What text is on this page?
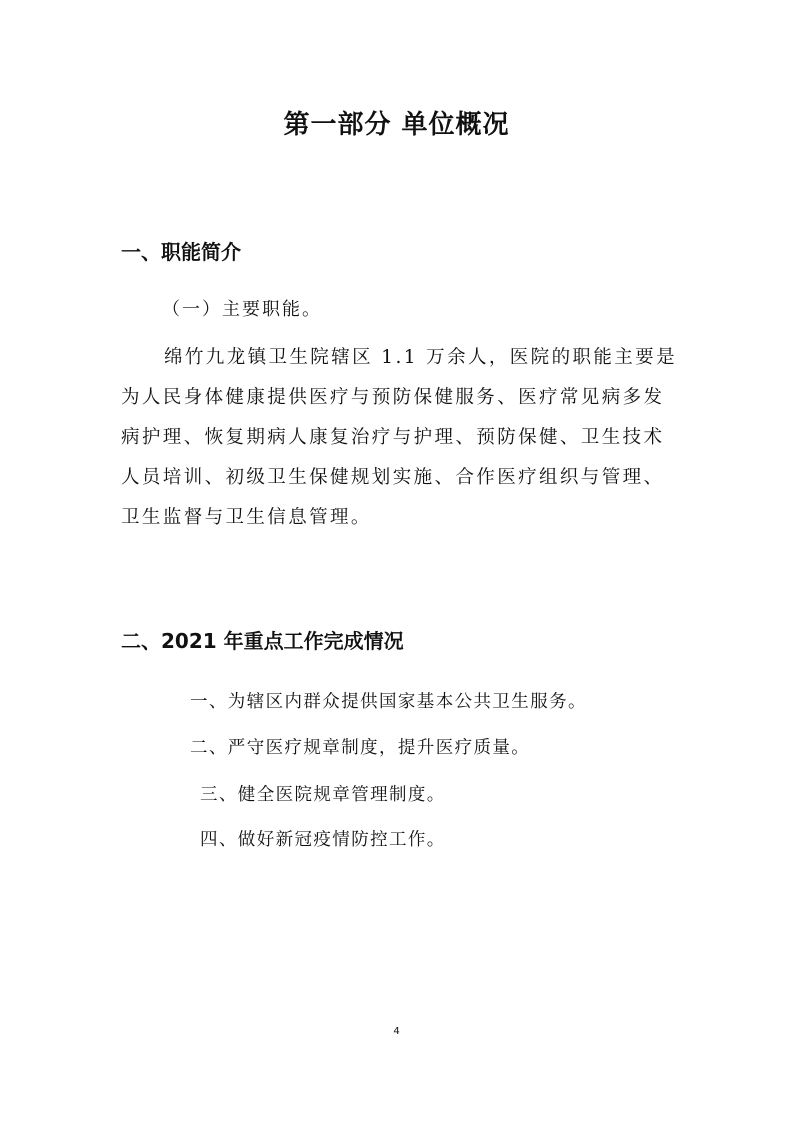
第一部分 单位概况
一、职能简介

（一）主要职能。

绵竹九龙镇卫生院辖区 1.1 万余人，医院的职能主要是

为人民身体健康提供医疗与预防保健服务、医疗常见病多发

病护理、恢复期病人康复治疗与护理、预防保健、卫生技术

人员培训、初级卫生保健规划实施、合作医疗组织与管理、

卫生监督与卫生信息管理。

二、2021 年重点工作完成情况

一、为辖区内群众提供国家基本公共卫生服务。

二、严守医疗规章制度，提升医疗质量。

三、健全医院规章管理制度。

四、做好新冠疫情防控工作。

4
